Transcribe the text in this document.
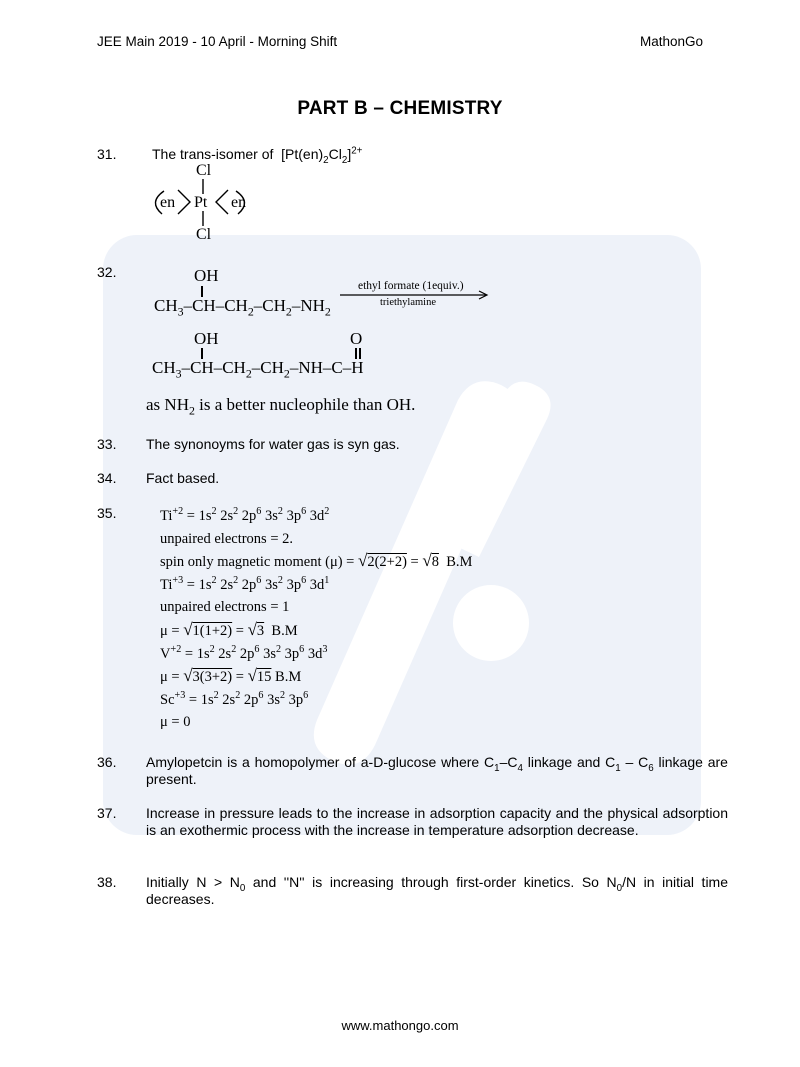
JEE Main 2019 - 10 April - Morning Shift	MathonGo
PART B – CHEMISTRY
31.	The trans-isomer of  $[Pt(en)_2Cl_2]^{2+}$
Cl
en Pt en
Cl
32.	OH
$CH_3-CH-CH_2-CH_2-NH_2$
ethyl formate (1equiv.)
triethylamine
OH	O
$CH_3-CH-CH_2-CH_2-NH-C-H$
as $NH_2$ is a better nucleophile than OH.
33. The synonoyms for water gas is syn gas.
34. Fact based.
35.	$Ti^{+2} = 1s^2$ $2s^2$ $2p^6$ $3s^2$ $3p^6$ $3d^2$
unpaired electrons = 2.
spin only magnetic moment (μ) = √2(2+2) = √8  B.M
$Ti^{+3} = 1s^2$ $2s^2$ $2p^6$ $3s^2$ $3p^6$ $3d^1$
unpaired electrons = 1
μ = √1(1+2) = √3  B.M
$V^{+2} = 1s^2$ $2s^2$ $2p^6$ $3s^2$ $3p^6$ $3d^3$
μ = √3(3+2) = √15 B.M
$Sc^{+3} = 1s^2$ $2s^2$ $2p^6$ $3s^2$ $3p^6$
μ = 0
36. Amylopetcin is a homopolymer of a-D-glucose where $C_1-C_4$ linkage and $C_1 - C_6$ linkage are present.
37. Increase in pressure leads to the increase in adsorption capacity and the physical adsorption is an exothermic process with the increase in temperature adsorption decrease.
38. Initially $N > N_0$ and ''N'' is increasing through first-order kinetics. So $N_0/N$ in initial time decreases.
www.mathongo.com
